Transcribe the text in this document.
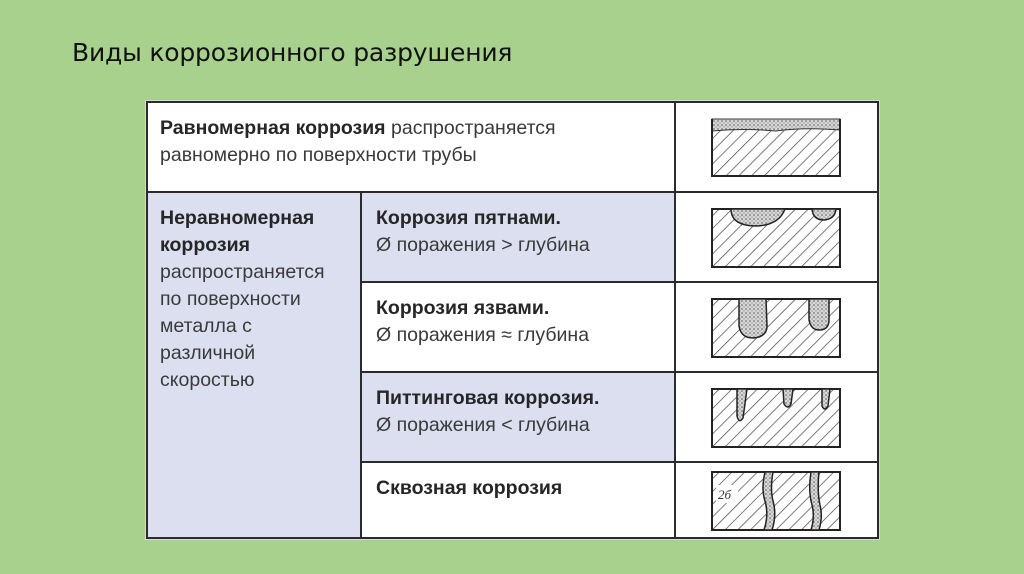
Виды коррозионного разрушения
Равномерная коррозия распространяется равномерно по поверхности трубы
Неравномерная коррозия распространяется по поверхности металла с различной скоростью
Коррозия пятнами.
Ø поражения > глубина
Коррозия язвами.
Ø поражения ≈ глубина
Питтинговая коррозия.
Ø поражения < глубина
Сквозная коррозия	2б
